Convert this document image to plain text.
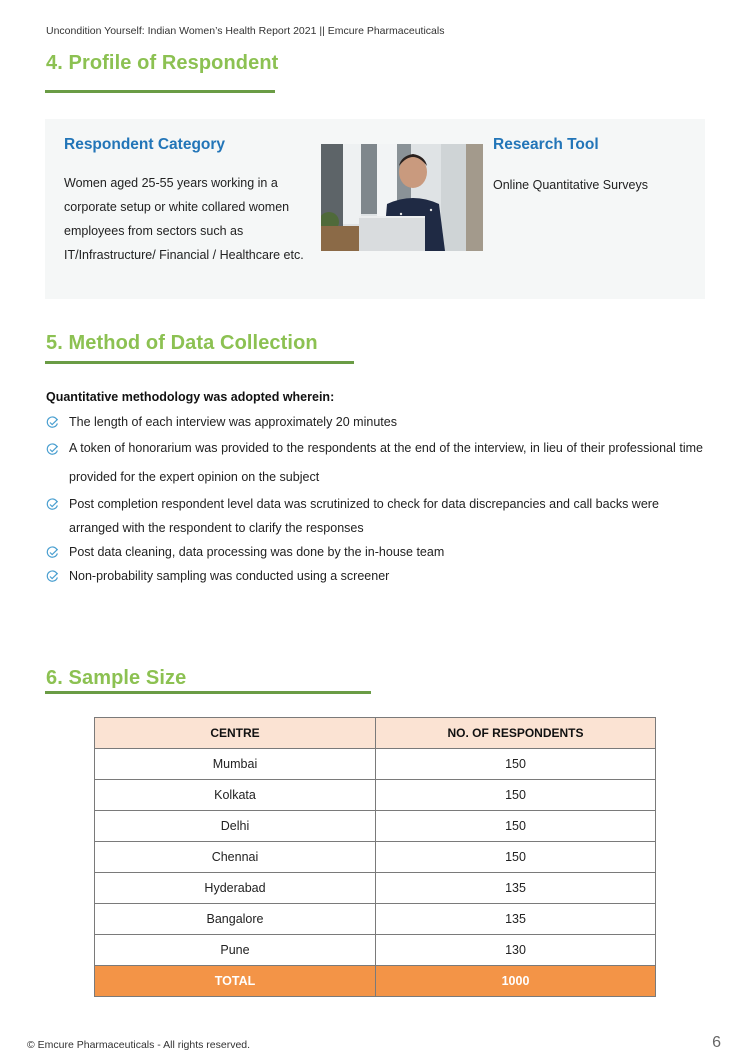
Uncondition Yourself: Indian Women’s Health Report 2021 || Emcure Pharmaceuticals
4. Profile of Respondent
Respondent Category
Women aged 25-55 years working in a
corporate setup or white collared women
employees from sectors such as
IT/Infrastructure/ Financial / Healthcare etc.
Research Tool
Online Quantitative Surveys
5. Method of Data Collection
Quantitative methodology was adopted wherein:
The length of each interview was approximately 20 minutes
A token of honorarium was provided to the respondents at the end of the interview, in lieu of their professional time provided for the expert opinion on the subject
Post completion respondent level data was scrutinized to check for data discrepancies and call backs were arranged with the respondent to clarify the responses
Post data cleaning, data processing was done by the in-house team
Non-probability sampling was conducted using a screener
6. Sample Size
CENTRE	NO. OF RESPONDENTS
Mumbai	150
Kolkata	150
Delhi	150
Chennai	150
Hyderabad	135
Bangalore	135
Pune	130
TOTAL	1000
© Emcure Pharmaceuticals - All rights reserved.	6
